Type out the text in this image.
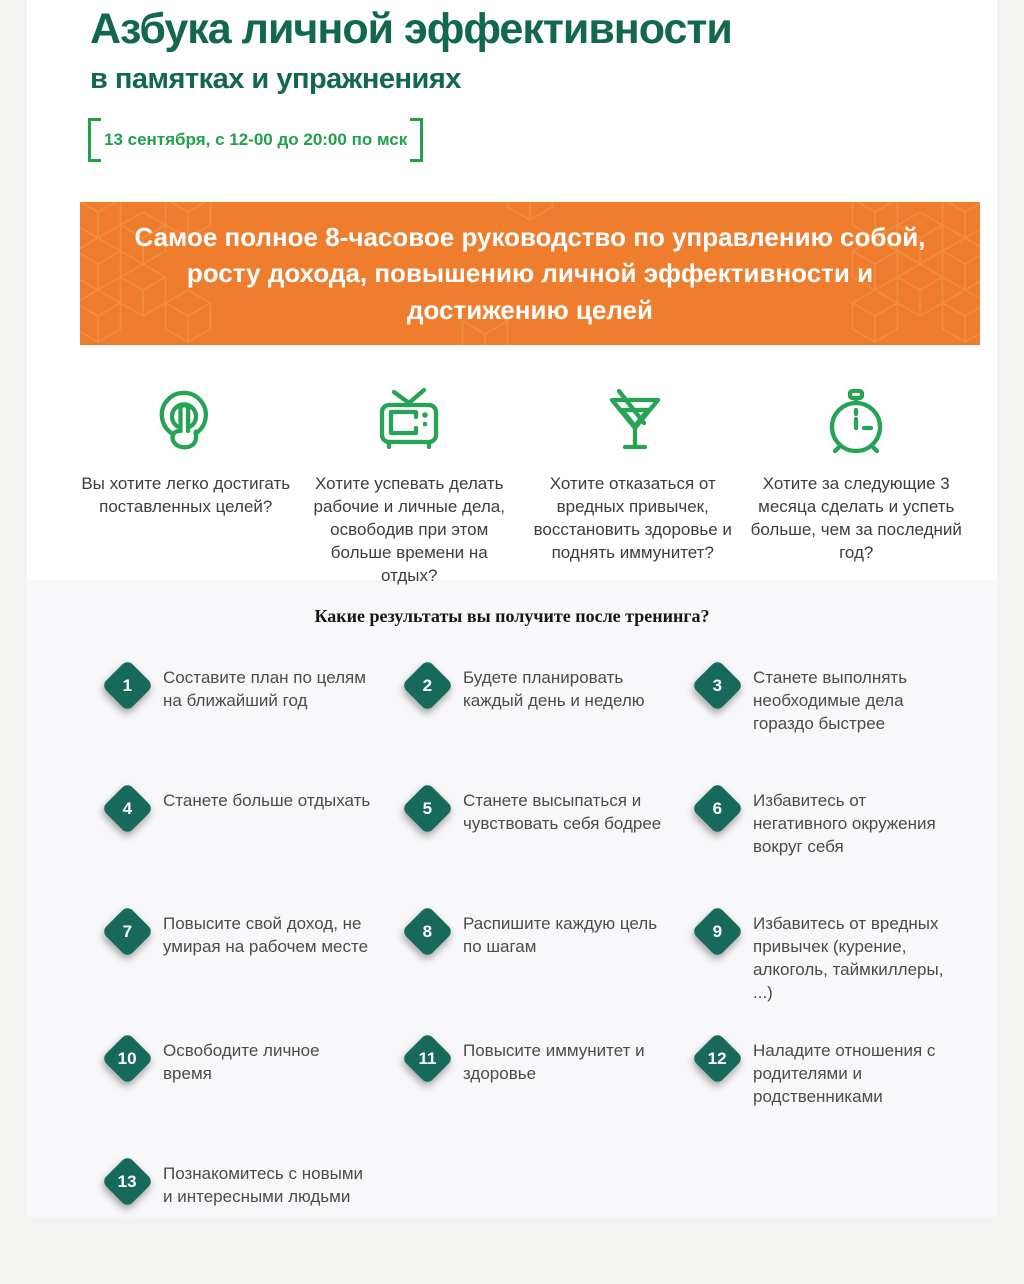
Азбука личной эффективности
в памятках и упражнениях
13 сентября, с 12-00 до 20:00 по мск

Самое полное 8-часовое руководство по управлению собой, росту дохода, повышению личной эффективности и достижению целей

Вы хотите легко достигать поставленных целей?

Хотите успевать делать рабочие и личные дела, освободив при этом больше времени на отдых?

Хотите отказаться от вредных привычек, восстановить здоровье и поднять иммунитет?

Хотите за следующие 3 месяца сделать и успеть больше, чем за последний год?

Какие результаты вы получите после тренинга?
1 Составите план по целям на ближайший год

2 Будете планировать каждый день и неделю

3 Станете выполнять необходимые дела гораздо быстрее

4 Станете больше отдыхать	5 Станете высыпаться и чувствовать себя бодрее

6 Избавитесь от негативного окружения вокруг себя

7 Повысите свой доход, не умирая на рабочем месте

8 Распишите каждую цель по шагам

9 Избавитесь от вредных привычек (курение, алкоголь, таймкиллеры, ...)

10 Освободите личное время

11 Повысите иммунитет и здоровье

12 Наладите отношения с родителями и родственниками

13 Познакомитесь с новыми и интересными людьми
